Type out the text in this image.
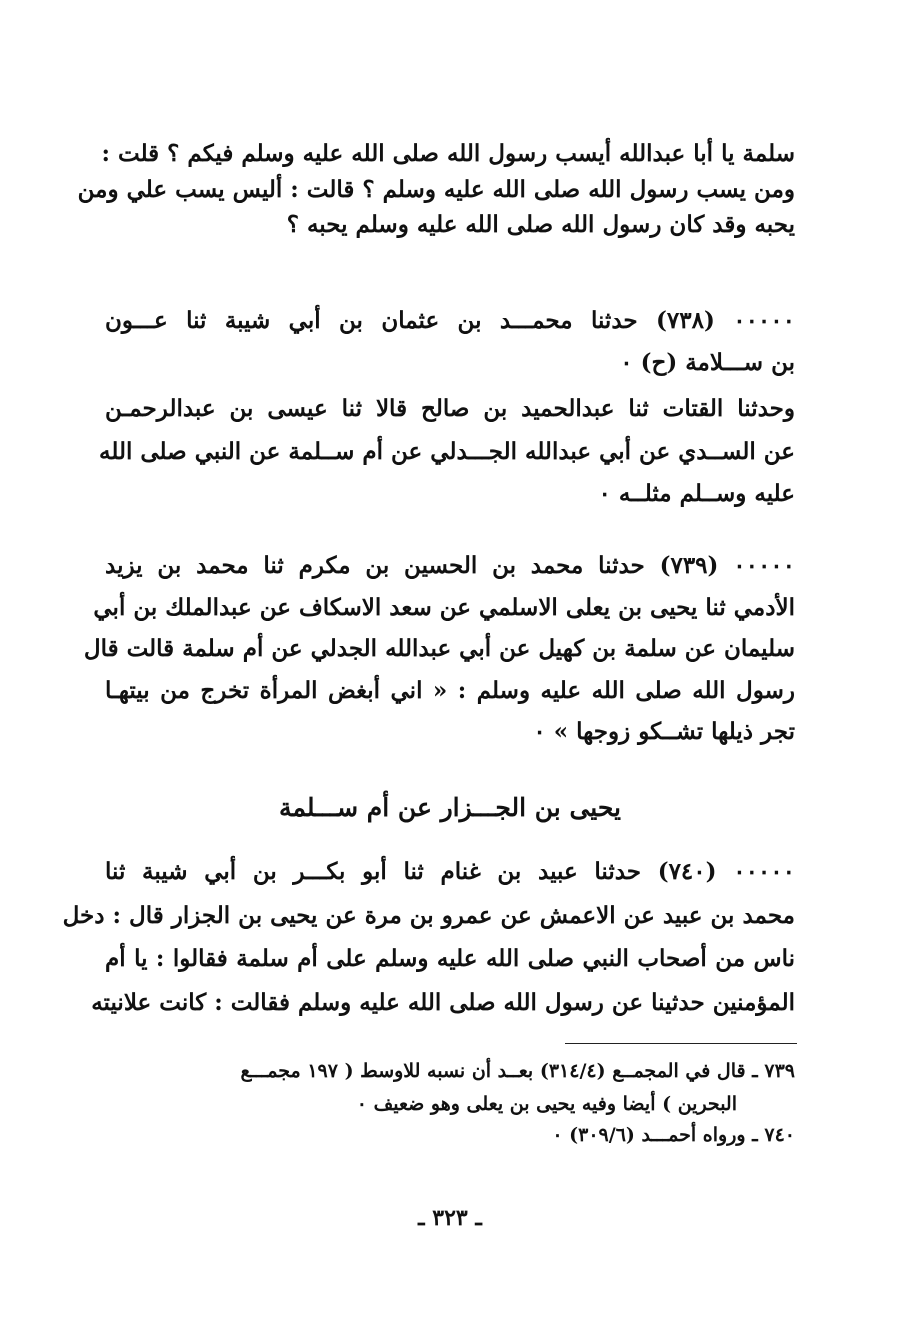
سلمة يا أبا عبدالله أيسب رسول الله صلى الله عليه وسلم فيكم ؟ قلت :
ومن يسب رسول الله صلى الله عليه وسلم ؟ قالت : أليس يسب علي ومن
يحبه وقد كان رسول الله صلى الله عليه وسلم يحبه ؟
٠٠٠٠٠ (٧٣٨) حدثنا محمـــد بن عثمان بن أبي شيبة ثنا عـــون
بن ســـلامة (ح) ٠
وحدثنا القتات ثنا عبدالحميد بن صالح قالا ثنا عيسى بن عبدالرحمـن
عن الســدي عن أبي عبدالله الجـــدلي عن أم ســلمة عن النبي صلى الله
عليه وســلم مثلــه ٠
٠٠٠٠٠ (٧٣٩) حدثنا محمد بن الحسين بن مكرم ثنا محمد بن يزيد
الأدمي ثنا يحيى بن يعلى الاسلمي عن سعد الاسكاف عن عبدالملك بن أبي
سليمان عن سلمة بن كهيل عن أبي عبدالله الجدلي عن أم سلمة قالت قال
رسول الله صلى الله عليه وسلم : « اني أبغض المرأة تخرج من بيتهـا
تجر ذيلها تشــكو زوجها » ٠
يحيى بن الجـــزار عن أم ســـلمة
٠٠٠٠٠ (٧٤٠) حدثنا عبيد بن غنام ثنا أبو بكـــر بن أبي شيبة ثنا
محمد بن عبيد عن الاعمش عن عمرو بن مرة عن يحيى بن الجزار قال : دخل
ناس من أصحاب النبي صلى الله عليه وسلم على أم سلمة فقالوا : يا أم
المؤمنين حدثينا عن رسول الله صلى الله عليه وسلم فقالت : كانت علانيته
٧٣٩ ـ قال في المجمــع (٣١٤/٤) بعــد أن نسبه للاوسط ( ١٩٧ مجمـــع
البحرين ) أيضا وفيه يحيى بن يعلى وهو ضعيف ٠
٧٤٠ ـ ورواه أحمـــد (٣٠٩/٦) ٠
ـ ٣٢٣ ـ
